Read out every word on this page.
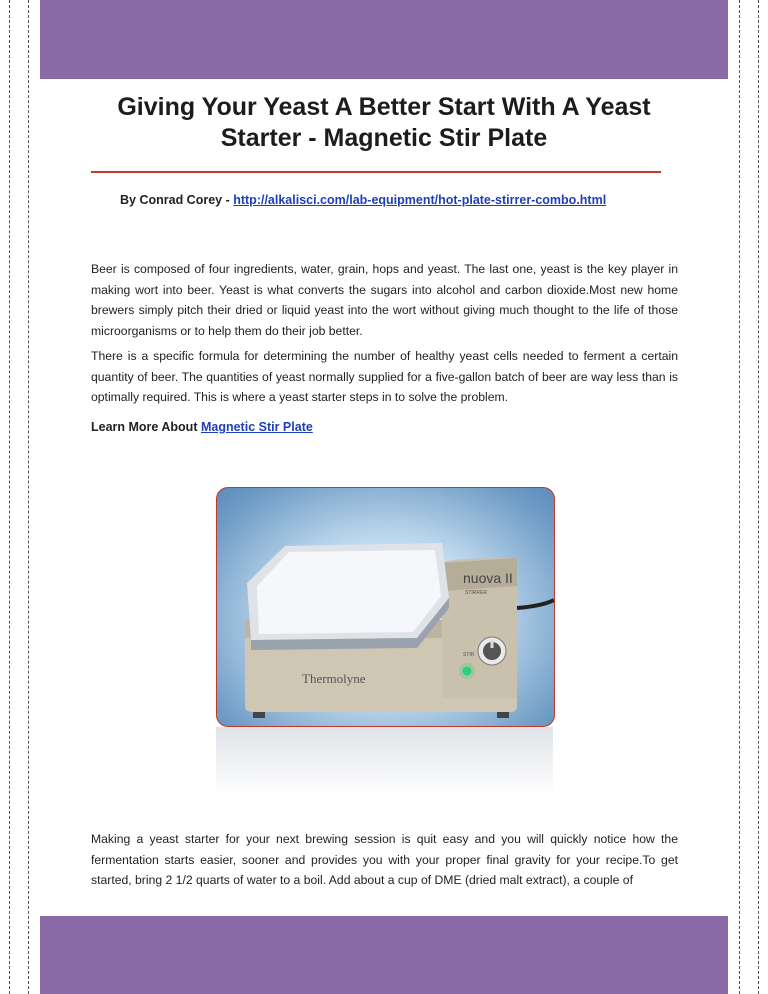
Giving Your Yeast A Better Start With A Yeast Starter - Magnetic Stir Plate
By Conrad Corey - http://alkalisci.com/lab-equipment/hot-plate-stirrer-combo.html

Beer is composed of four ingredients, water, grain, hops and yeast. The last one, yeast is the key player in making wort into beer. Yeast is what converts the sugars into alcohol and carbon dioxide.Most new home brewers simply pitch their dried or liquid yeast into the wort without giving much thought to the life of those microorganisms or to help them do their job better.

There is a specific formula for determining the number of healthy yeast cells needed to ferment a certain quantity of beer. The quantities of yeast normally supplied for a five-gallon batch of beer are way less than is optimally required. This is where a yeast starter steps in to solve the problem.

Learn More About Magnetic Stir Plate
Thermolyne
nuova II
STIRRER
STIR

Making a yeast starter for your next brewing session is quit easy and you will quickly notice how the fermentation starts easier, sooner and provides you with your proper final gravity for your recipe.To get started, bring 2 1/2 quarts of water to a boil. Add about a cup of DME (dried malt extract), a couple of
